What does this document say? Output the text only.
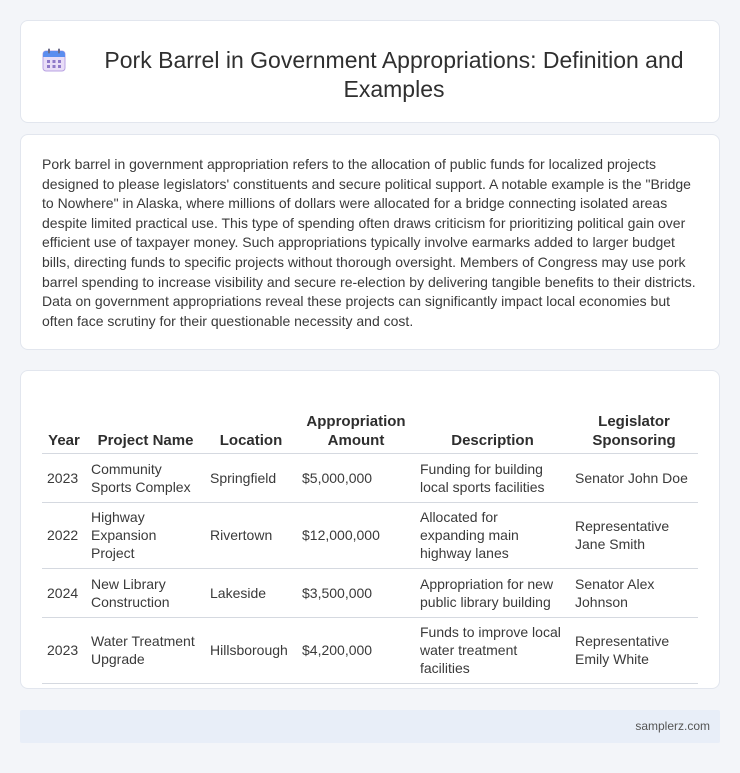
Pork Barrel in Government Appropriations: Definition and Examples

Pork barrel in government appropriation refers to the allocation of public funds for localized projects designed to please legislators' constituents and secure political support. A notable example is the "Bridge to Nowhere" in Alaska, where millions of dollars were allocated for a bridge connecting isolated areas despite limited practical use. This type of spending often draws criticism for prioritizing political gain over efficient use of taxpayer money. Such appropriations typically involve earmarks added to larger budget bills, directing funds to specific projects without thorough oversight. Members of Congress may use pork barrel spending to increase visibility and secure re-election by delivering tangible benefits to their districts. Data on government appropriations reveal these projects can significantly impact local economies but often face scrutiny for their questionable necessity and cost.

Year	Project Name	Location	Appropriation Amount	Description	Legislator Sponsoring
2023	Community Sports Complex	Springfield	$5,000,000	Funding for building local sports facilities	Senator John Doe
2022	Highway Expansion Project	Rivertown	$12,000,000	Allocated for expanding main highway lanes	Representative Jane Smith
2024	New Library Construction	Lakeside	$3,500,000	Appropriation for new public library building	Senator Alex Johnson
2023	Water Treatment Upgrade	Hillsborough	$4,200,000	Funds to improve local water treatment facilities	Representative Emily White
samplerz.com
